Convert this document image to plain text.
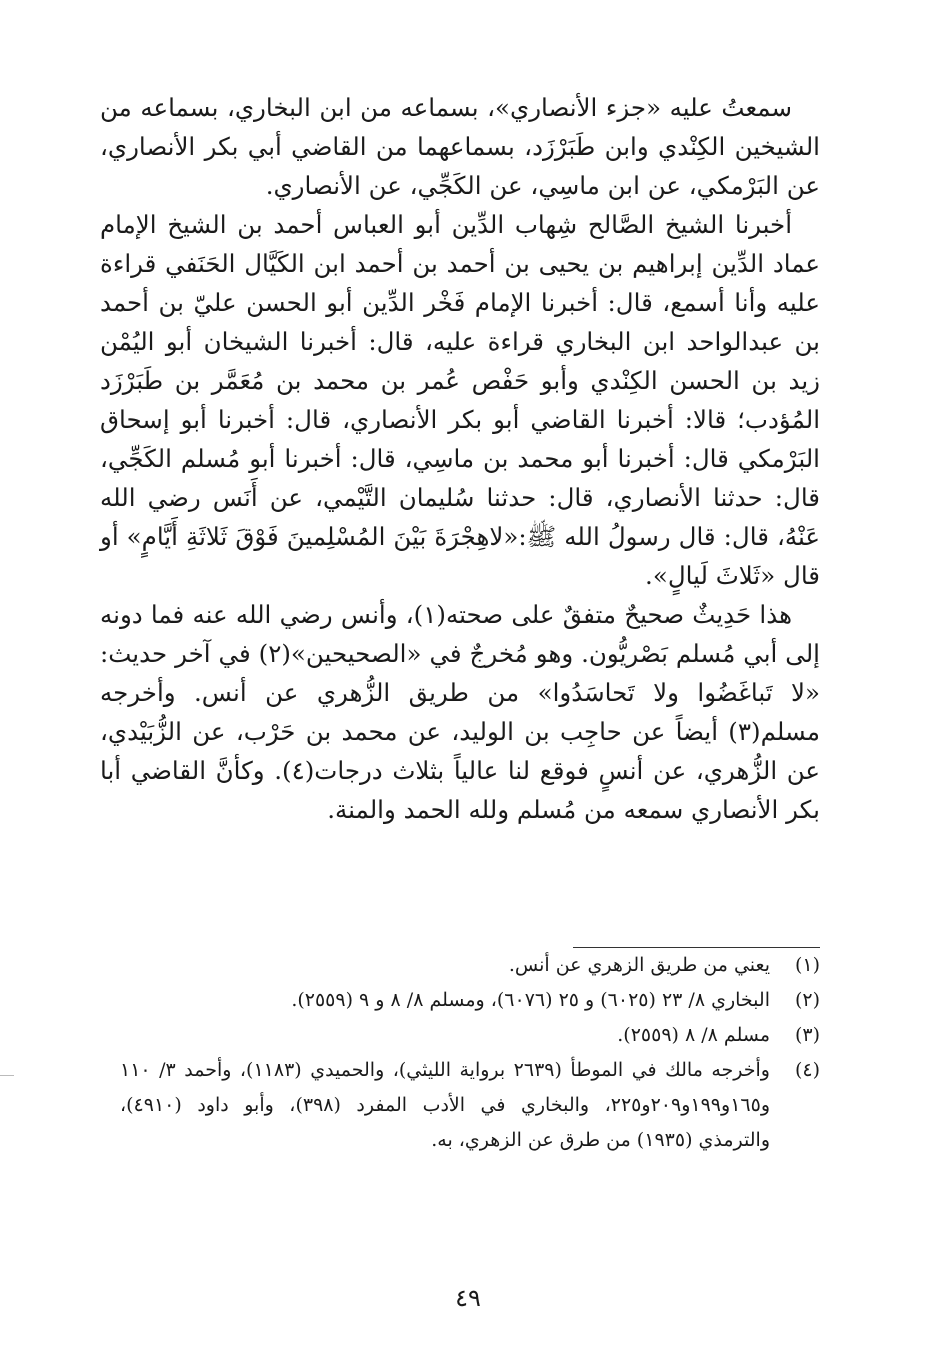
سمعتُ عليه «جزء الأنصاري»، بسماعه من ابن البخاري، بسماعه من الشيخين الكِنْدي وابن طَبَرْزَد، بسماعهما من القاضي أبي بكر الأنصاري، عن البَرْمكي، عن ابن ماسِي، عن الكَجِّي، عن الأنصاري.

أخبرنا الشيخ الصَّالح شِهاب الدِّين أبو العباس أحمد بن الشيخ الإمام عماد الدِّين إبراهيم بن يحيى بن أحمد بن أحمد ابن الكَيَّال الحَنَفي قراءة عليه وأنا أسمع، قال: أخبرنا الإمام فَخْر الدِّين أبو الحسن عليّ بن أحمد بن عبدالواحد ابن البخاري قراءة عليه، قال: أخبرنا الشيخان أبو اليُمْن زيد بن الحسن الكِنْدي وأبو حَفْص عُمر بن محمد بن مُعَمَّر بن طَبَرْزَد المُؤدب؛ قالا: أخبرنا القاضي أبو بكر الأنصاري، قال: أخبرنا أبو إسحاق البَرْمكي قال: أخبرنا أبو محمد بن ماسِي، قال: أخبرنا أبو مُسلم الكَجِّي، قال: حدثنا الأنصاري، قال: حدثنا سُليمان التَّيْمي، عن أَنَس رضي الله عَنْهُ، قال: قال رسولُ الله ﷺ:«لاهِجْرَةَ بَيْنَ المُسْلِمينَ فَوْقَ ثَلاثَةِ أَيَّامٍ» أو قال «ثَلاثَ لَيالٍ».

هذا حَدِيثٌ صحيحٌ متفقٌ على صحته(١)، وأنس رضي الله عنه فما دونه إلى أبي مُسلم بَصْريُّون. وهو مُخرجٌ في «الصحيحين»(٢) في آخر حديث: «لا تَباغَضُوا ولا تَحاسَدُوا» من طريق الزُّهري عن أنس. وأخرجه مسلم(٣) أيضاً عن حاجِب بن الوليد، عن محمد بن حَرْب، عن الزُّبَيْدي، عن الزُّهري، عن أنسٍ فوقع لنا عالياً بثلاث درجات(٤). وكأنَّ القاضي أبا بكر الأنصاري سمعه من مُسلم ولله الحمد والمنة.

(١)
يعني من طريق الزهري عن أنس.
(٢)
البخاري ٨/ ٢٣ (٦٠٢٥) و ٢٥ (٦٠٧٦)، ومسلم ٨/ ٨ و ٩ (٢٥٥٩).
(٣)
مسلم ٨/ ٨ (٢٥٥٩).
(٤)
وأخرجه مالك في الموطأ (٢٦٣٩ برواية الليثي)، والحميدي (١١٨٣)، وأحمد ٣/ ١١٠ و١٦٥و١٩٩و٢٠٩و٢٢٥، والبخاري في الأدب المفرد (٣٩٨)، وأبو داود (٤٩١٠)، والترمذي (١٩٣٥) من طرق عن الزهري، به.
٤٩
